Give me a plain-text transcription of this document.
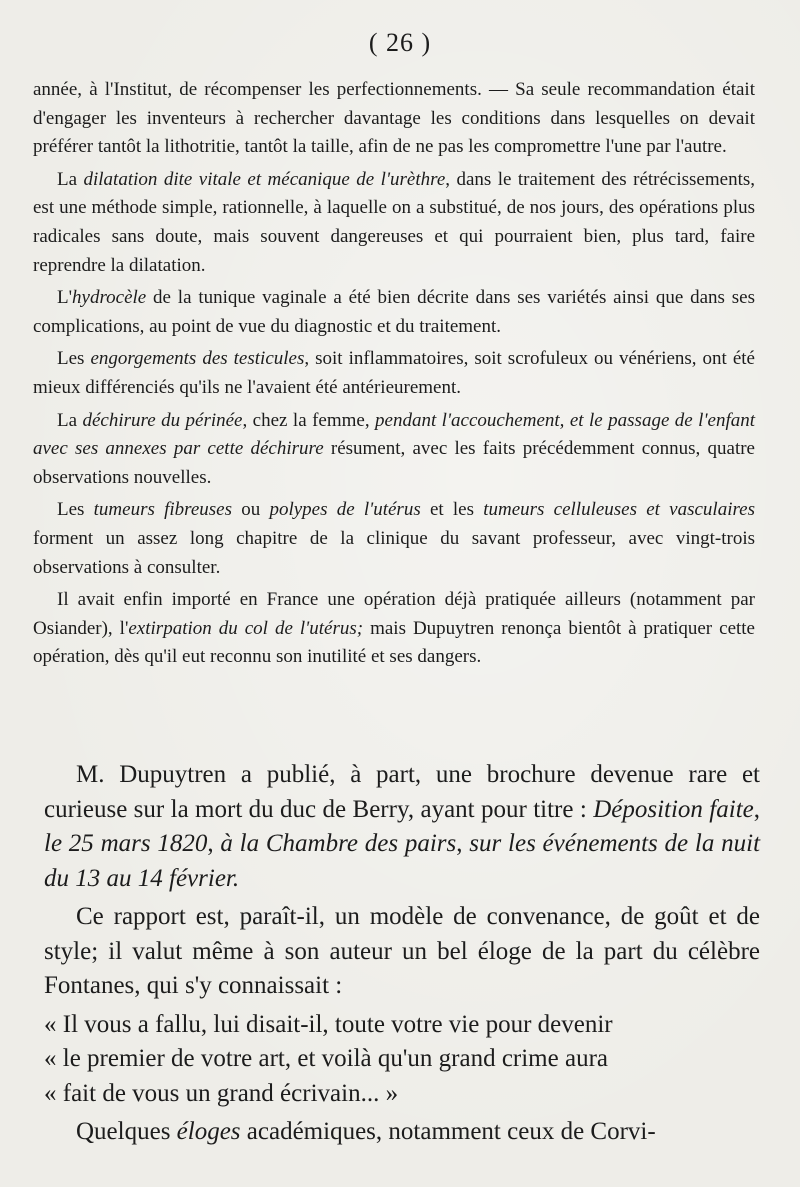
( 26 )

année, à l'Institut, de récompenser les perfectionnements. — Sa seule recommandation était d'engager les inventeurs à rechercher davantage les conditions dans lesquelles on devait préférer tantôt la lithotritie, tantôt la taille, afin de ne pas les compromettre l'une par l'autre.

La dilatation dite vitale et mécanique de l'urèthre, dans le traitement des rétrécissements, est une méthode simple, rationnelle, à laquelle on a substitué, de nos jours, des opérations plus radicales sans doute, mais souvent dangereuses et qui pourraient bien, plus tard, faire reprendre la dilatation.

L'hydrocèle de la tunique vaginale a été bien décrite dans ses variétés ainsi que dans ses complications, au point de vue du diagnostic et du traitement.

Les engorgements des testicules, soit inflammatoires, soit scrofuleux ou vénériens, ont été mieux différenciés qu'ils ne l'avaient été antérieurement.

La déchirure du périnée, chez la femme, pendant l'accouchement, et le passage de l'enfant avec ses annexes par cette déchirure résument, avec les faits précédemment connus, quatre observations nouvelles.

Les tumeurs fibreuses ou polypes de l'utérus et les tumeurs celluleuses et vasculaires forment un assez long chapitre de la clinique du savant professeur, avec vingt-trois observations à consulter.

Il avait enfin importé en France une opération déjà pratiquée ailleurs (notamment par Osiander), l'extirpation du col de l'utérus; mais Dupuytren renonça bientôt à pratiquer cette opération, dès qu'il eut reconnu son inutilité et ses dangers.

M. Dupuytren a publié, à part, une brochure devenue rare et curieuse sur la mort du duc de Berry, ayant pour titre : Déposition faite, le 25 mars 1820, à la Chambre des pairs, sur les événements de la nuit du 13 au 14 février.

Ce rapport est, paraît-il, un modèle de convenance, de goût et de style; il valut même à son auteur un bel éloge de la part du célèbre Fontanes, qui s'y connaissait :

« Il vous a fallu, lui disait-il, toute votre vie pour devenir
« le premier de votre art, et voilà qu'un grand crime aura
« fait de vous un grand écrivain... »

Quelques éloges académiques, notamment ceux de Corvi-
